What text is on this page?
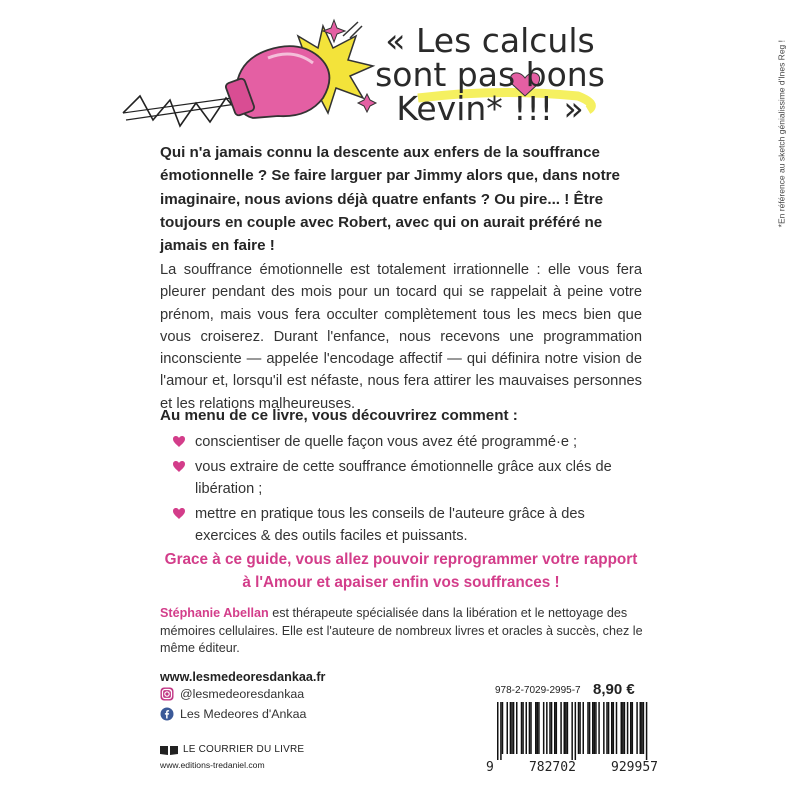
« Les calculs
sont pas bons
Kevin* !!! »	*En référence au sketch génialissime d'Ines Reg !
Qui n'a jamais connu la descente aux enfers de la souffrance émotionnelle ? Se faire larguer par Jimmy alors que, dans notre imaginaire, nous avions déjà quatre enfants ? Ou pire... ! Être toujours en couple avec Robert, avec qui on aurait préféré ne jamais en faire !
La souffrance émotionnelle est totalement irrationnelle : elle vous fera pleurer pendant des mois pour un tocard qui se rappelait à peine votre prénom, mais vous fera occulter complètement tous les mecs bien que vous croiserez. Durant l'enfance, nous recevons une programmation inconsciente — appelée l'encodage affectif — qui définira notre vision de l'amour et, lorsqu'il est néfaste, nous fera attirer les mauvaises personnes et les relations malheureuses.
Au menu de ce livre, vous découvrirez comment :
conscientiser de quelle façon vous avez été programmé·e ;
vous extraire de cette souffrance émotionnelle grâce aux clés de libération ;
mettre en pratique tous les conseils de l'auteure grâce à des exercices & des outils faciles et puissants.
Grace à ce guide, vous allez pouvoir reprogrammer votre rapport à l'Amour et apaiser enfin vos souffrances !
Stéphanie Abellan est thérapeute spécialisée dans la libération et le nettoyage des mémoires cellulaires. Elle est l'auteure de nombreux livres et oracles à succès, chez le même éditeur.
www.lesmedeoresdankaa.fr
@lesmedeoresdankaa
Les Medeores d'Ankaa
LE COURRIER DU LIVRE
www.editions-tredaniel.com
978-2-7029-2995-7 8,90 €
9	782702	929957
